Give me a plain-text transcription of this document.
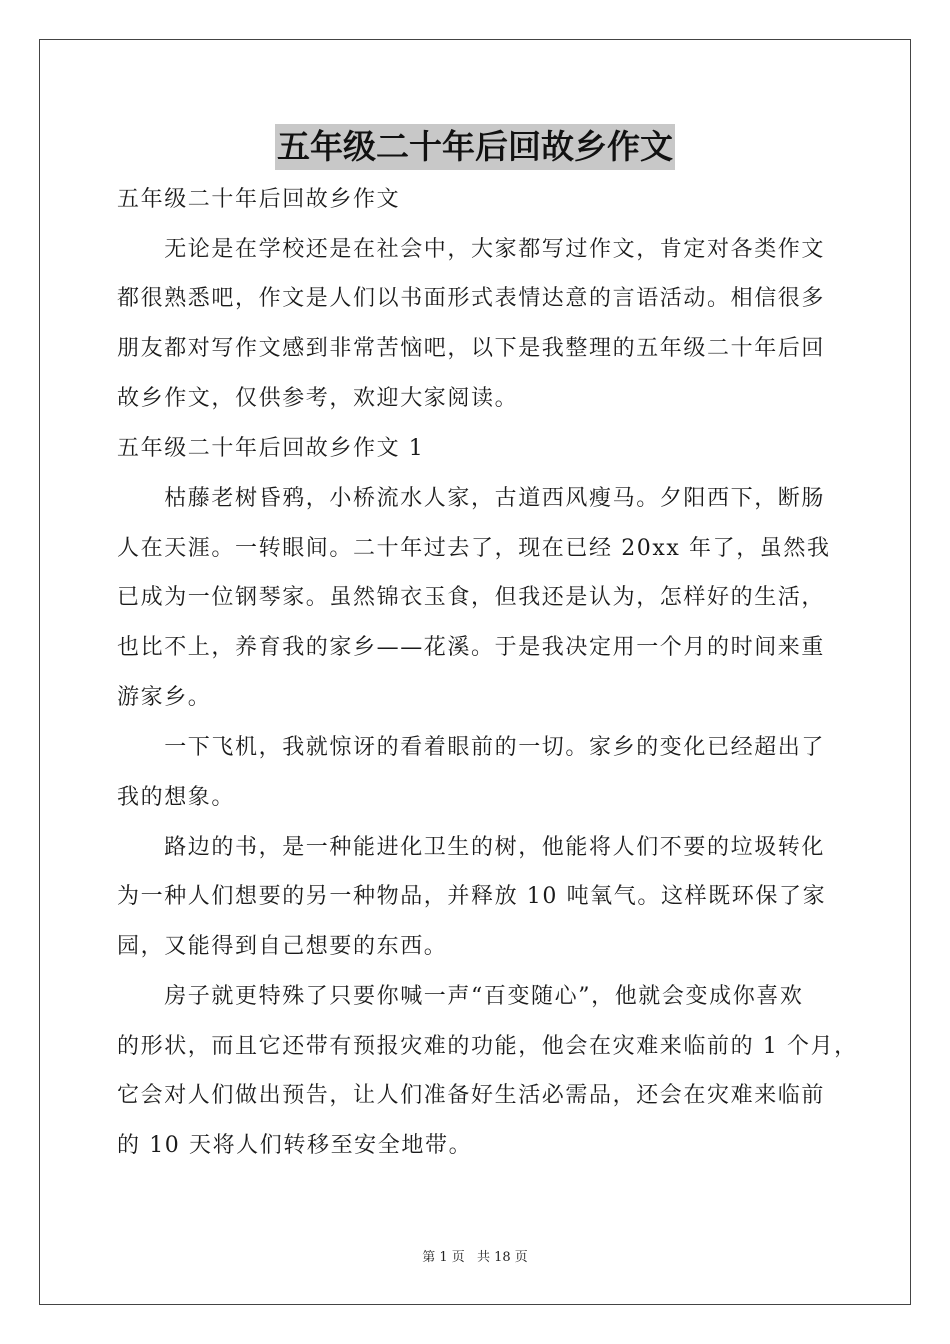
五年级二十年后回故乡作文
五年级二十年后回故乡作文
　　无论是在学校还是在社会中，大家都写过作文，肯定对各类作文
都很熟悉吧，作文是人们以书面形式表情达意的言语活动。相信很多
朋友都对写作文感到非常苦恼吧，以下是我整理的五年级二十年后回
故乡作文，仅供参考，欢迎大家阅读。
五年级二十年后回故乡作文 1
　　枯藤老树昏鸦，小桥流水人家，古道西风瘦马。夕阳西下，断肠
人在天涯。一转眼间。二十年过去了，现在已经 20xx 年了，虽然我
已成为一位钢琴家。虽然锦衣玉食，但我还是认为，怎样好的生活，
也比不上，养育我的家乡——花溪。于是我决定用一个月的时间来重
游家乡。
　　一下飞机，我就惊讶的看着眼前的一切。家乡的变化已经超出了
我的想象。
　　路边的书，是一种能进化卫生的树，他能将人们不要的垃圾转化
为一种人们想要的另一种物品，并释放 10 吨氧气。这样既环保了家
园，又能得到自己想要的东西。
　　房子就更特殊了只要你喊一声“百变随心”，他就会变成你喜欢
的形状，而且它还带有预报灾难的功能，他会在灾难来临前的 1 个月，
它会对人们做出预告，让人们准备好生活必需品，还会在灾难来临前
的 10 天将人们转移至安全地带。
第 1 页 共 18 页
